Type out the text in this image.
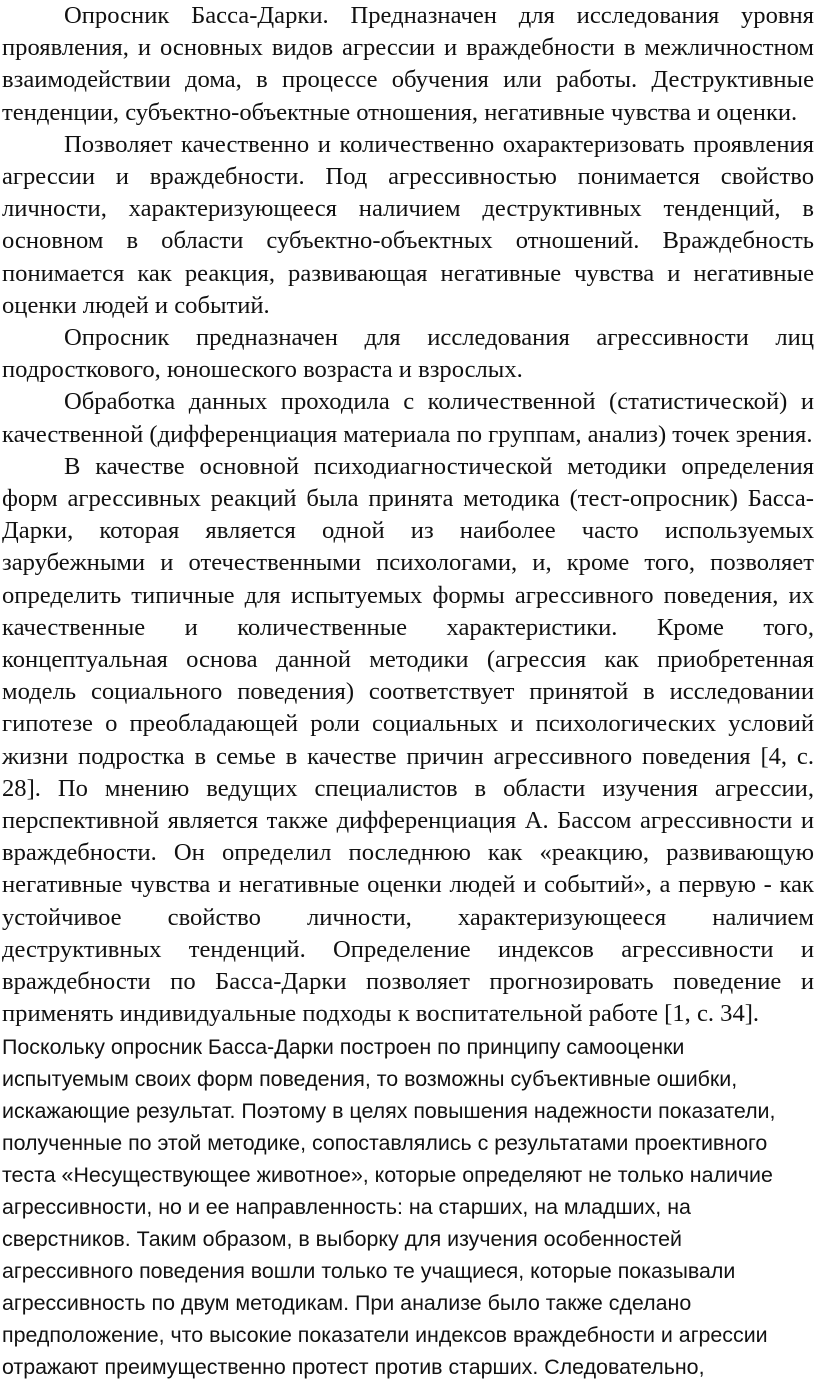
Опросник Басса-Дарки. Предназначен для исследования уровня проявления, и основных видов агрессии и враждебности в межличностном взаимодействии дома, в процессе обучения или работы. Деструктивные тенденции, субъектно-объектные отношения, негативные чувства и оценки.

Позволяет качественно и количественно охарактеризовать проявления агрессии и враждебности. Под агрессивностью понимается свойство личности, характеризующееся наличием деструктивных тенденций, в основном в области субъектно-объектных отношений. Враждебность понимается как реакция, развивающая негативные чувства и негативные оценки людей и событий.

Опросник предназначен для исследования агрессивности лиц подросткового, юношеского возраста и взрослых.

Обработка данных проходила с количественной (статистической) и качественной (дифференциация материала по группам, анализ) точек зрения.

В качестве основной психодиагностической методики определения форм агрессивных реакций была принята методика (тест-опросник) Басса-Дарки, которая является одной из наиболее часто используемых зарубежными и отечественными психологами, и, кроме того, позволяет определить типичные для испытуемых формы агрессивного поведения, их качественные и количественные характеристики. Кроме того, концептуальная основа данной методики (агрессия как приобретенная модель социального поведения) соответствует принятой в исследовании гипотезе о преобладающей роли социальных и психологических условий жизни подростка в семье в качестве причин агрессивного поведения [4, с. 28]. По мнению ведущих специалистов в области изучения агрессии, перспективной является также дифференциация А. Бассом агрессивности и враждебности. Он определил последнюю как «реакцию, развивающую негативные чувства и негативные оценки людей и событий», а первую - как устойчивое свойство личности, характеризующееся наличием деструктивных тенденций. Определение индексов агрессивности и враждебности по Басса-Дарки позволяет прогнозировать поведение и применять индивидуальные подходы к воспитательной работе [1, с. 34].

Поскольку опросник Басса-Дарки построен по принципу самооценки
испытуемым своих форм поведения, то возможны субъективные ошибки,
искажающие результат. Поэтому в целях повышения надежности показатели,
полученные по этой методике, сопоставлялись с результатами проективного
теста «Несуществующее животное», которые определяют не только наличие
агрессивности, но и ее направленность: на старших, на младших, на
сверстников. Таким образом, в выборку для изучения особенностей
агрессивного поведения вошли только те учащиеся, которые показывали
агрессивность по двум методикам. При анализе было также сделано
предположение, что высокие показатели индексов враждебности и агрессии
отражают преимущественно протест против старших. Следовательно,
